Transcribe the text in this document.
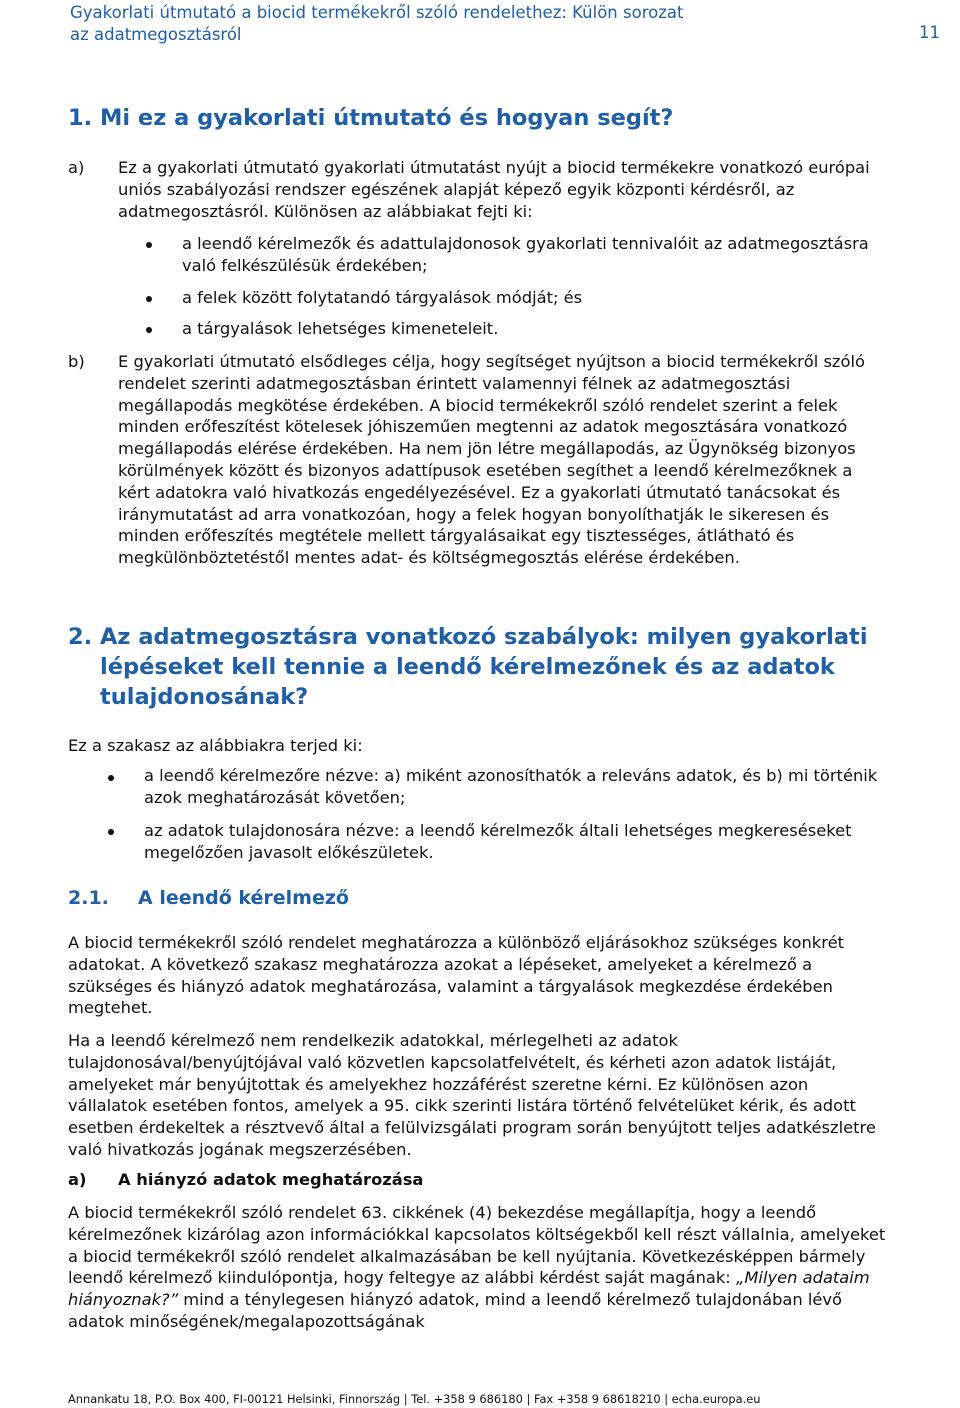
Gyakorlati útmutató a biocid termékekről szóló rendelethez: Külön sorozat
az adatmegosztásról	11
1. Mi ez a gyakorlati útmutató és hogyan segít?
a) Ez a gyakorlati útmutató gyakorlati útmutatást nyújt a biocid termékekre vonatkozó európai uniós szabályozási rendszer egészének alapját képező egyik központi kérdésről, az adatmegosztásról. Különösen az alábbiakat fejti ki:
a leendő kérelmezők és adattulajdonosok gyakorlati tennivalóit az adatmegosztásra való felkészülésük érdekében;
a felek között folytatandó tárgyalások módját; és
a tárgyalások lehetséges kimeneteleit.
b) E gyakorlati útmutató elsődleges célja, hogy segítséget nyújtson a biocid termékekről szóló rendelet szerinti adatmegosztásban érintett valamennyi félnek az adatmegosztási megállapodás megkötése érdekében. A biocid termékekről szóló rendelet szerint a felek minden erőfeszítést kötelesek jóhiszeműen megtenni az adatok megosztására vonatkozó megállapodás elérése érdekében. Ha nem jön létre megállapodás, az Ügynökség bizonyos körülmények között és bizonyos adattípusok esetében segíthet a leendő kérelmezőknek a kért adatokra való hivatkozás engedélyezésével. Ez a gyakorlati útmutató tanácsokat és iránymutatást ad arra vonatkozóan, hogy a felek hogyan bonyolíthatják le sikeresen és minden erőfeszítés megtétele mellett tárgyalásaikat egy tisztességes, átlátható és megkülönböztetéstől mentes adat- és költségmegosztás elérése érdekében.
2. Az adatmegosztásra vonatkozó szabályok: milyen gyakorlati lépéseket kell tennie a leendő kérelmezőnek és az adatok tulajdonosának?
Ez a szakasz az alábbiakra terjed ki:
a leendő kérelmezőre nézve: a) miként azonosíthatók a releváns adatok, és b) mi történik azok meghatározását követően;
az adatok tulajdonosára nézve: a leendő kérelmezők általi lehetséges megkereséseket megelőzően javasolt előkészületek.
2.1. A leendő kérelmező
A biocid termékekről szóló rendelet meghatározza a különböző eljárásokhoz szükséges konkrét adatokat. A következő szakasz meghatározza azokat a lépéseket, amelyeket a kérelmező a szükséges és hiányzó adatok meghatározása, valamint a tárgyalások megkezdése érdekében megtehet.
Ha a leendő kérelmező nem rendelkezik adatokkal, mérlegelheti az adatok tulajdonosával/benyújtójával való közvetlen kapcsolatfelvételt, és kérheti azon adatok listáját, amelyeket már benyújtottak és amelyekhez hozzáférést szeretne kérni. Ez különösen azon vállalatok esetében fontos, amelyek a 95. cikk szerinti listára történő felvételüket kérik, és adott esetben érdekeltek a résztvevő által a felülvizsgálati program során benyújtott teljes adatkészletre való hivatkozás jogának megszerzésében.
a) A hiányzó adatok meghatározása
A biocid termékekről szóló rendelet 63. cikkének (4) bekezdése megállapítja, hogy a leendő kérelmezőnek kizárólag azon információkkal kapcsolatos költségekből kell részt vállalnia, amelyeket a biocid termékekről szóló rendelet alkalmazásában be kell nyújtania. Következésképpen bármely leendő kérelmező kiindulópontja, hogy feltegye az alábbi kérdést saját magának: „Milyen adataim hiányoznak?” mind a ténylegesen hiányzó adatok, mind a leendő kérelmező tulajdonában lévő adatok minőségének/megalapozottságának
Annankatu 18, P.O. Box 400, FI-00121 Helsinki, Finnország | Tel. +358 9 686180 | Fax +358 9 68618210 | echa.europa.eu
